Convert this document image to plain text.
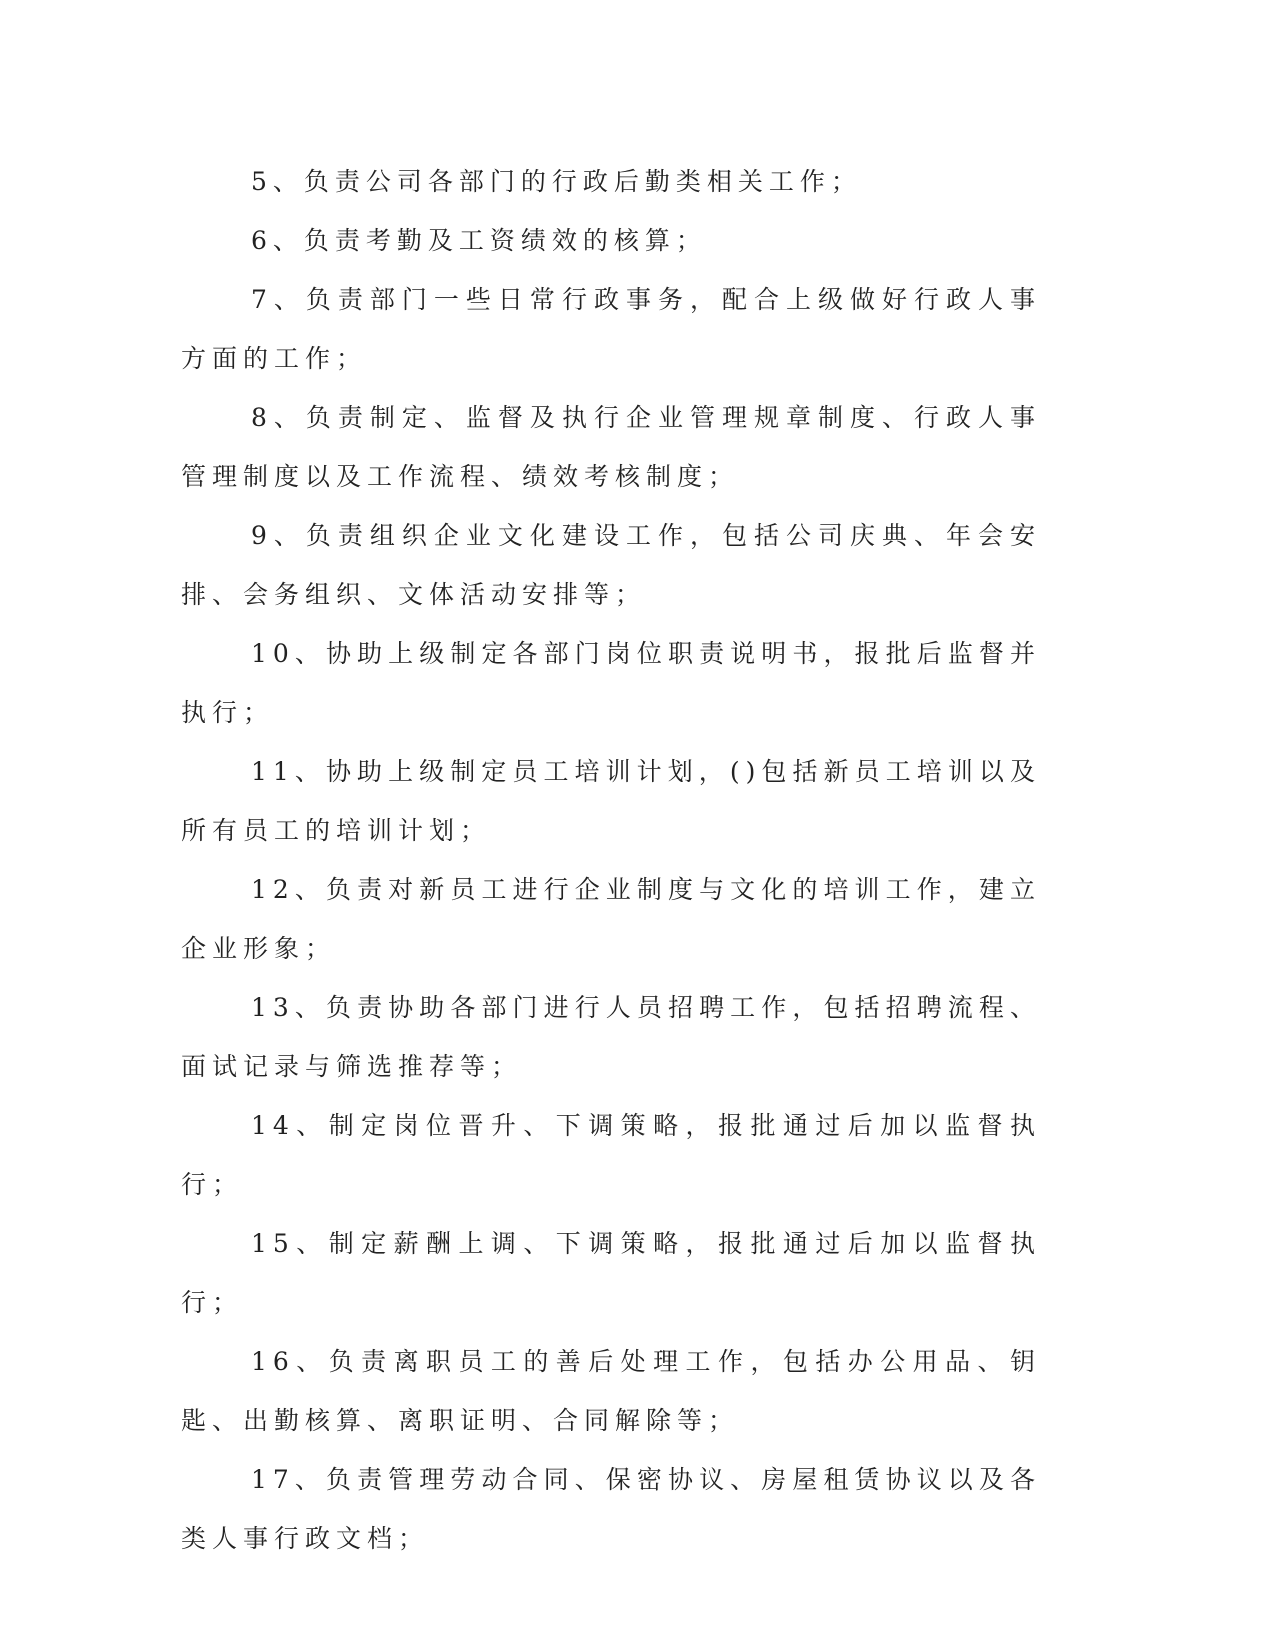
5、负责公司各部门的行政后勤类相关工作；

6、负责考勤及工资绩效的核算；

7、负责部门一些日常行政事务，配合上级做好行政人事方面的工作；

8、负责制定、监督及执行企业管理规章制度、行政人事管理制度以及工作流程、绩效考核制度；

9、负责组织企业文化建设工作，包括公司庆典、年会安排、会务组织、文体活动安排等；

10、协助上级制定各部门岗位职责说明书，报批后监督并执行；

11、协助上级制定员工培训计划，()包括新员工培训以及所有员工的培训计划；

12、负责对新员工进行企业制度与文化的培训工作，建立企业形象；

13、负责协助各部门进行人员招聘工作，包括招聘流程、面试记录与筛选推荐等；

14、制定岗位晋升、下调策略，报批通过后加以监督执行；

15、制定薪酬上调、下调策略，报批通过后加以监督执行；

16、负责离职员工的善后处理工作，包括办公用品、钥匙、出勤核算、离职证明、合同解除等；

17、负责管理劳动合同、保密协议、房屋租赁协议以及各类人事行政文档；
